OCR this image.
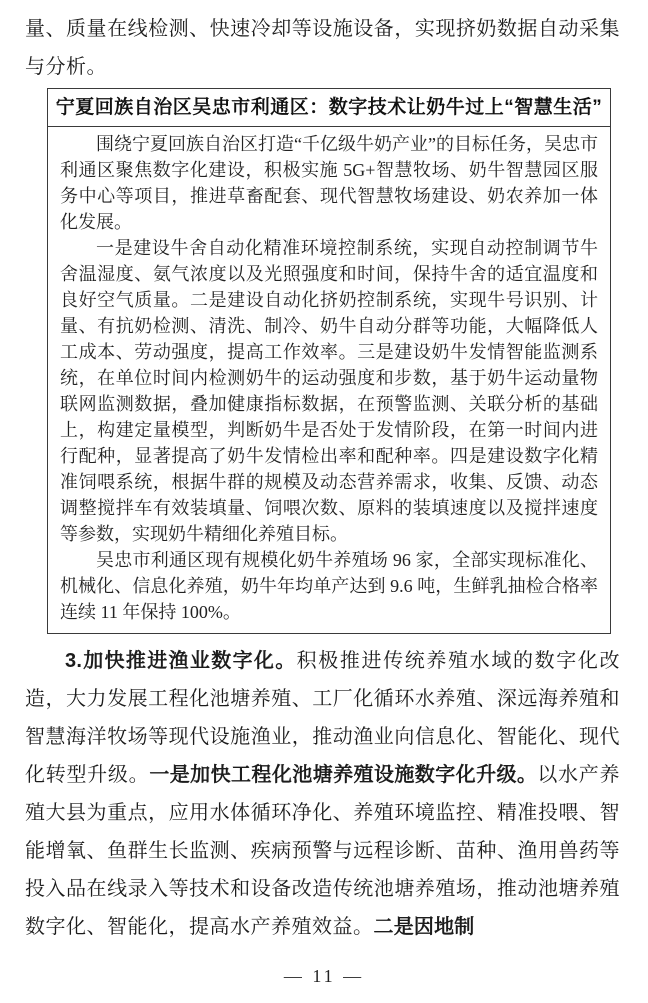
量、质量在线检测、快速冷却等设施设备，实现挤奶数据自动采集与分析。

宁夏回族自治区吴忠市利通区：数字技术让奶牛过上“智慧生活”

围绕宁夏回族自治区打造“千亿级牛奶产业”的目标任务，吴忠市利通区聚焦数字化建设，积极实施 5G+智慧牧场、奶牛智慧园区服务中心等项目，推进草畜配套、现代智慧牧场建设、奶农养加一体化发展。

一是建设牛舍自动化精准环境控制系统，实现自动控制调节牛舍温湿度、氨气浓度以及光照强度和时间，保持牛舍的适宜温度和良好空气质量。二是建设自动化挤奶控制系统，实现牛号识别、计量、有抗奶检测、清洗、制冷、奶牛自动分群等功能，大幅降低人工成本、劳动强度，提高工作效率。三是建设奶牛发情智能监测系统，在单位时间内检测奶牛的运动强度和步数，基于奶牛运动量物联网监测数据，叠加健康指标数据，在预警监测、关联分析的基础上，构建定量模型，判断奶牛是否处于发情阶段，在第一时间内进行配种，显著提高了奶牛发情检出率和配种率。四是建设数字化精准饲喂系统，根据牛群的规模及动态营养需求，收集、反馈、动态调整搅拌车有效装填量、饲喂次数、原料的装填速度以及搅拌速度等参数，实现奶牛精细化养殖目标。

吴忠市利通区现有规模化奶牛养殖场 96 家，全部实现标准化、机械化、信息化养殖，奶牛年均单产达到 9.6 吨，生鲜乳抽检合格率连续 11 年保持 100%。

3.加快推进渔业数字化。积极推进传统养殖水域的数字化改造，大力发展工程化池塘养殖、工厂化循环水养殖、深远海养殖和智慧海洋牧场等现代设施渔业，推动渔业向信息化、智能化、现代化转型升级。一是加快工程化池塘养殖设施数字化升级。以水产养殖大县为重点，应用水体循环净化、养殖环境监控、精准投喂、智能增氧、鱼群生长监测、疾病预警与远程诊断、苗种、渔用兽药等投入品在线录入等技术和设备改造传统池塘养殖场，推动池塘养殖数字化、智能化，提高水产养殖效益。二是因地制

— 11 —
